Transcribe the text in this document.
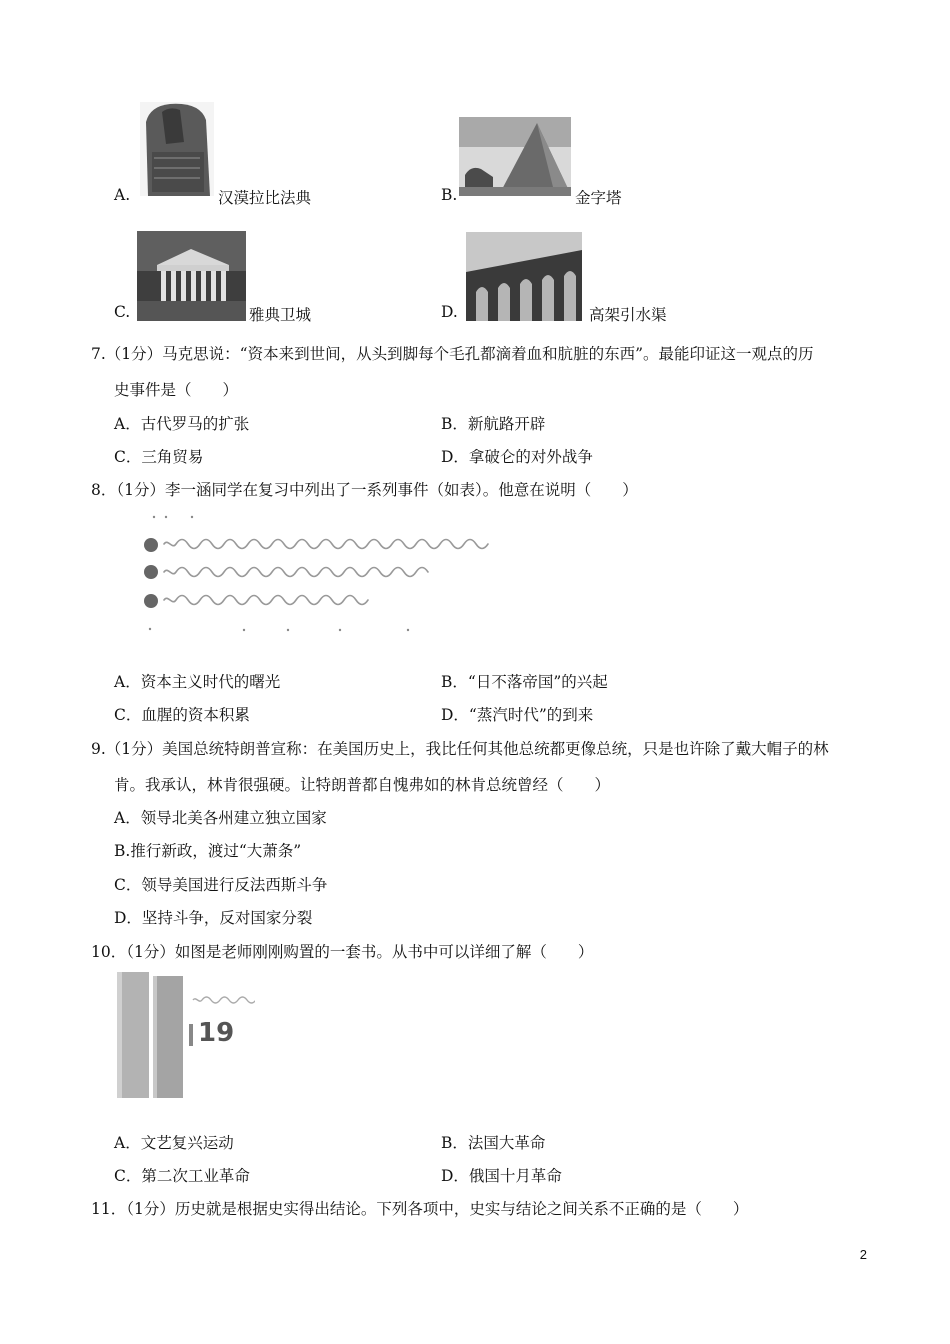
A.	汉漠拉比法典	B.	金字塔
C.	雅典卫城	D.	高架引水渠
7.（1分）马克思说：“资本来到世间，从头到脚每个毛孔都滴着血和肮脏的东西”。最能印证这一观点的历
史事件是（　　）
A．古代罗马的扩张	B．新航路开辟
C．三角贸易	D．拿破仑的对外战争
8．（1分）李一涵同学在复习中列出了一系列事件（如表）。他意在说明（　　）
A．资本主义时代的曙光	B．“日不落帝国”的兴起
C．血腥的资本积累	D．“蒸汽时代”的到来
9.（1分）美国总统特朗普宣称：在美国历史上，我比任何其他总统都更像总统，只是也许除了戴大帽子的林
肯。我承认，林肯很强硬。让特朗普都自愧弗如的林肯总统曾经（　　）
A．领导北美各州建立独立国家
B.推行新政，渡过“大萧条”
C．领导美国进行反法西斯斗争
D．坚持斗争，反对国家分裂
10．（1分）如图是老师刚刚购置的一套书。从书中可以详细了解（　　）
19
A．文艺复兴运动	B．法国大革命
C．第二次工业革命	D．俄国十月革命
11．（1分）历史就是根据史实得出结论。下列各项中，史实与结论之间关系不正确的是（　　）
2
